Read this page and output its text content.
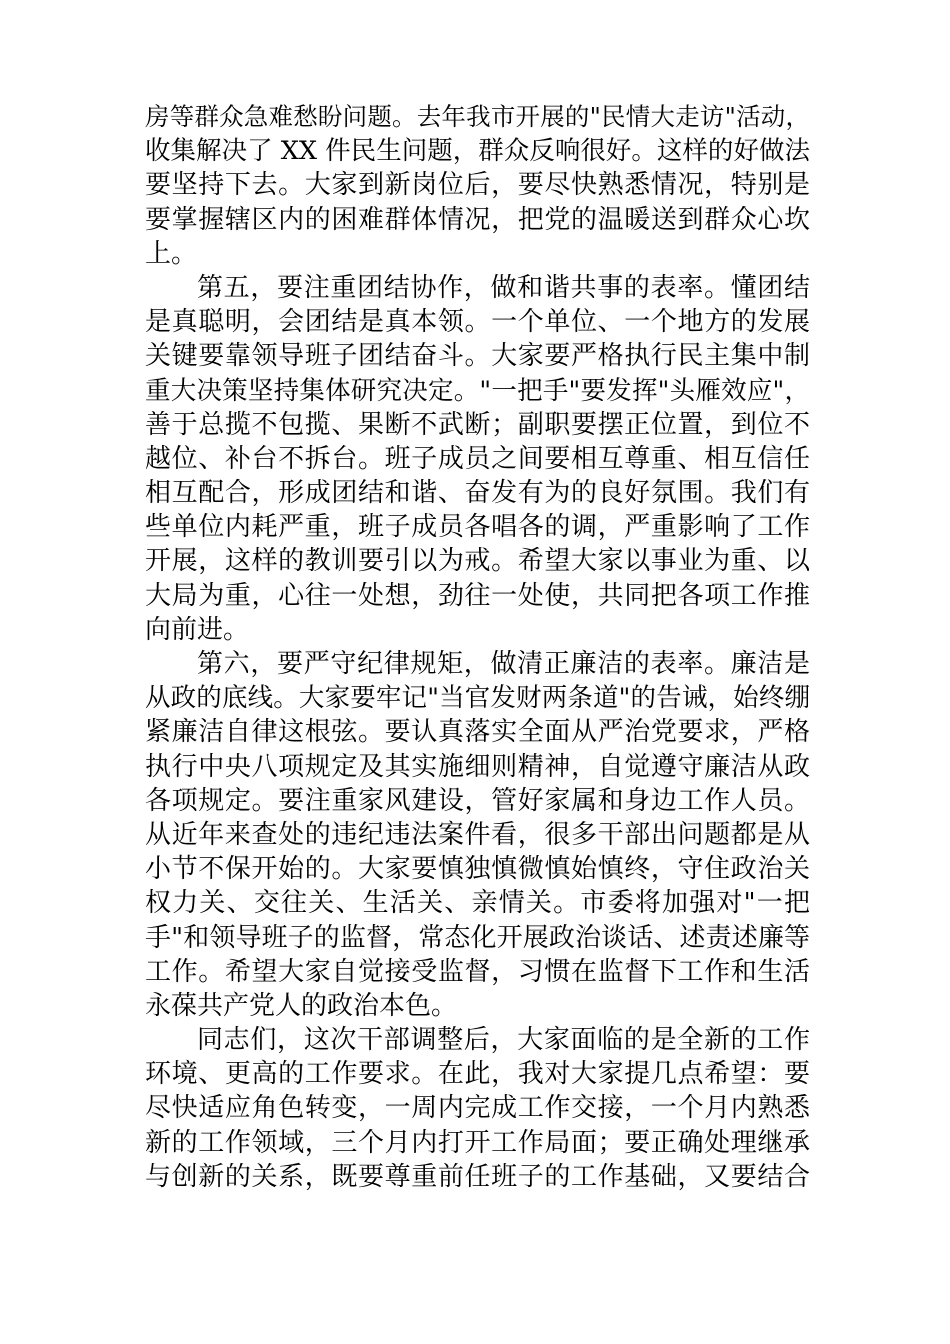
房等群众急难愁盼问题。去年我市开展的"民情大走访"活动，
收集解决了 XX 件民生问题，群众反响很好。这样的好做法
要坚持下去。大家到新岗位后，要尽快熟悉情况，特别是
要掌握辖区内的困难群体情况，把党的温暖送到群众心坎
上。
第五，要注重团结协作，做和谐共事的表率。懂团结
是真聪明，会团结是真本领。一个单位、一个地方的发展
关键要靠领导班子团结奋斗。大家要严格执行民主集中制
重大决策坚持集体研究决定。"一把手"要发挥"头雁效应"，
善于总揽不包揽、果断不武断；副职要摆正位置，到位不
越位、补台不拆台。班子成员之间要相互尊重、相互信任
相互配合，形成团结和谐、奋发有为的良好氛围。我们有
些单位内耗严重，班子成员各唱各的调，严重影响了工作
开展，这样的教训要引以为戒。希望大家以事业为重、以
大局为重，心往一处想，劲往一处使，共同把各项工作推
向前进。
第六，要严守纪律规矩，做清正廉洁的表率。廉洁是
从政的底线。大家要牢记"当官发财两条道"的告诫，始终绷
紧廉洁自律这根弦。要认真落实全面从严治党要求，严格
执行中央八项规定及其实施细则精神，自觉遵守廉洁从政
各项规定。要注重家风建设，管好家属和身边工作人员。
从近年来查处的违纪违法案件看，很多干部出问题都是从
小节不保开始的。大家要慎独慎微慎始慎终，守住政治关
权力关、交往关、生活关、亲情关。市委将加强对"一把
手"和领导班子的监督，常态化开展政治谈话、述责述廉等
工作。希望大家自觉接受监督，习惯在监督下工作和生活
永葆共产党人的政治本色。
同志们，这次干部调整后，大家面临的是全新的工作
环境、更高的工作要求。在此，我对大家提几点希望：要
尽快适应角色转变，一周内完成工作交接，一个月内熟悉
新的工作领域，三个月内打开工作局面；要正确处理继承
与创新的关系，既要尊重前任班子的工作基础，又要结合
